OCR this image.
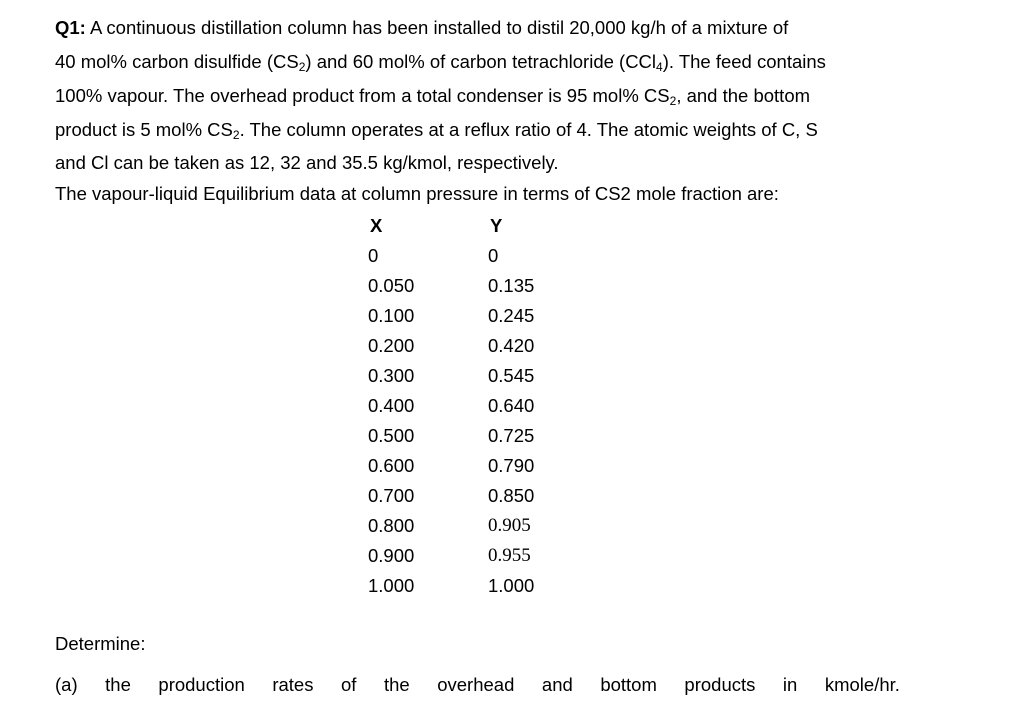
Q1: A continuous distillation column has been installed to distil 20,000 kg/h of a mixture of
40 mol% carbon disulfide $(CS_2)$ and 60 mol% of carbon tetrachloride (CCl$_4$). The feed contains
100% vapour. The overhead product from a total condenser is 95 mol% $CS_2$, and the bottom
product is 5 mol% $CS_2$. The column operates at a reflux ratio of 4. The atomic weights of C, S
and Cl can be taken as 12, 32 and 35.5 kg/kmol, respectively.
The vapour-liquid Equilibrium data at column pressure in terms of CS2 mole fraction are:
X	Y
0	0
0.050	0.135
0.100	0.245
0.200	0.420
0.300	0.545
0.400	0.640
0.500	0.725
0.600	0.790
0.700	0.850
0.800	0.905
0.900	0.955
1.000	1.000
Determine:
(a) the production rates of the overhead and bottom products in kmole/hr.
